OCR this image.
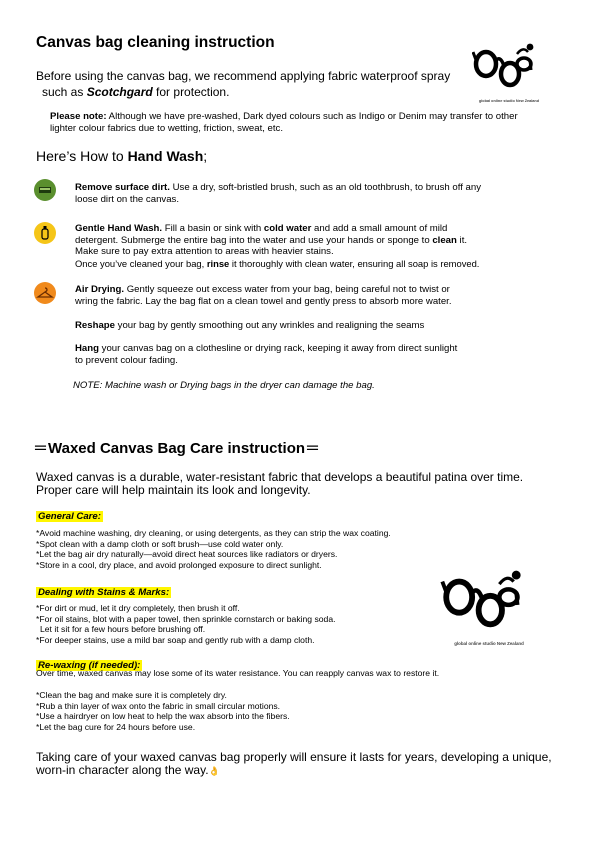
global online studio New Zealand
Canvas bag cleaning instruction
Before using the canvas bag, we recommend applying fabric waterproof spray
such as Scotchgard for protection.
Please note: Although we have pre-washed, Dark dyed colours such as Indigo or Denim may transfer to other lighter colour fabrics due to wetting, friction, sweat, etc.
Here’s How to Hand Wash;
Remove surface dirt. Use a dry, soft-bristled brush, such as an old toothbrush, to brush off any
loose dirt on the canvas.
Gentle Hand Wash. Fill a basin or sink with cold water and add a small amount of mild
detergent. Submerge the entire bag into the water and use your hands or sponge to clean it.
Make sure to pay extra attention to areas with heavier stains.
Once you’ve cleaned your bag, rinse it thoroughly with clean water, ensuring all soap is removed.
Air Drying. Gently squeeze out excess water from your bag, being careful not to twist or
wring the fabric. Lay the bag flat on a clean towel and gently press to absorb more water.
Reshape your bag by gently smoothing out any wrinkles and realigning the seams
Hang your canvas bag on a clothesline or drying rack, keeping it away from direct sunlight
to prevent colour fading.
NOTE: Machine wash or Drying bags in the dryer can damage the bag.
＝Waxed Canvas Bag Care instruction＝
Waxed canvas is a durable, water-resistant fabric that develops a beautiful patina over time.
Proper care will help maintain its look and longevity.
General Care:
*Avoid machine washing, dry cleaning, or using detergents, as they can strip the wax coating.
*Spot clean with a damp cloth or soft brush—use cold water only.
*Let the bag air dry naturally—avoid direct heat sources like radiators or dryers.
*Store in a cool, dry place, and avoid prolonged exposure to direct sunlight.
Dealing with Stains & Marks:
*For dirt or mud, let it dry completely, then brush it off.
*For oil stains, blot with a paper towel, then sprinkle cornstarch or baking soda.
Let it sit for a few hours before brushing off.
*For deeper stains, use a mild bar soap and gently rub with a damp cloth.	global online studio New Zealand
Re-waxing (if needed):
Over time, waxed canvas may lose some of its water resistance. You can reapply canvas wax to restore it.
*Clean the bag and make sure it is completely dry.
*Rub a thin layer of wax onto the fabric in small circular motions.
*Use a hairdryer on low heat to help the wax absorb into the fibers.
*Let the bag cure for 24 hours before use.
Taking care of your waxed canvas bag properly will ensure it lasts for years, developing a unique,
worn-in character along the way.👌
